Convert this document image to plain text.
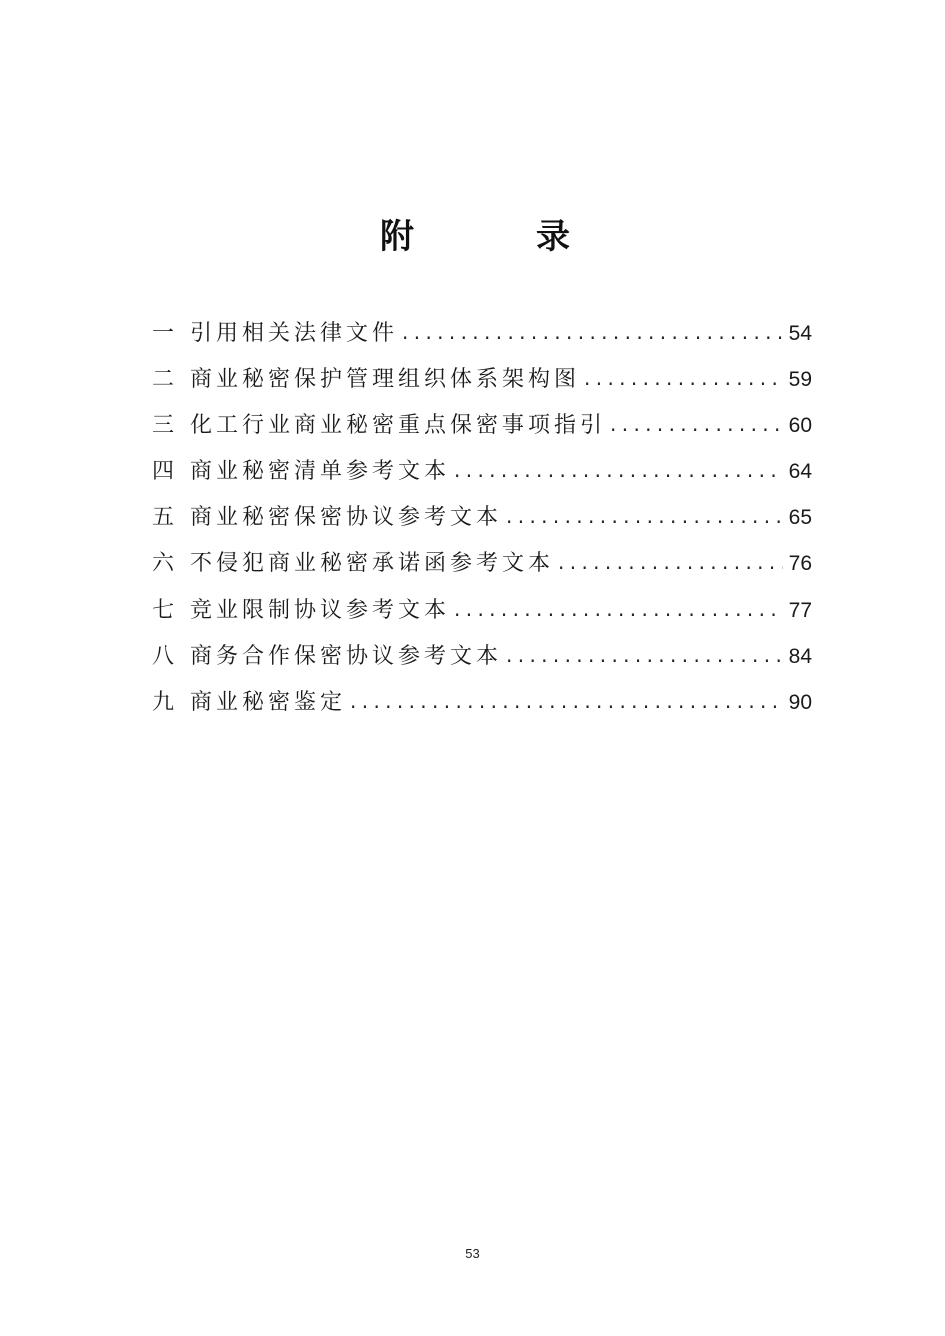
附	录
一 引用相关法律文件 . . .	54
二 商业秘密保护管理组织体系架构图 . . .	59
三 化工行业商业秘密重点保密事项指引 . . .	60
四 商业秘密清单参考文本 . . .	64
五 商业秘密保密协议参考文本 . . .	65
六 不侵犯商业秘密承诺函参考文本 . . .	76
七 竞业限制协议参考文本 . . .	77
八 商务合作保密协议参考文本 . . .	84
九 商业秘密鉴定 . . .	90
53
